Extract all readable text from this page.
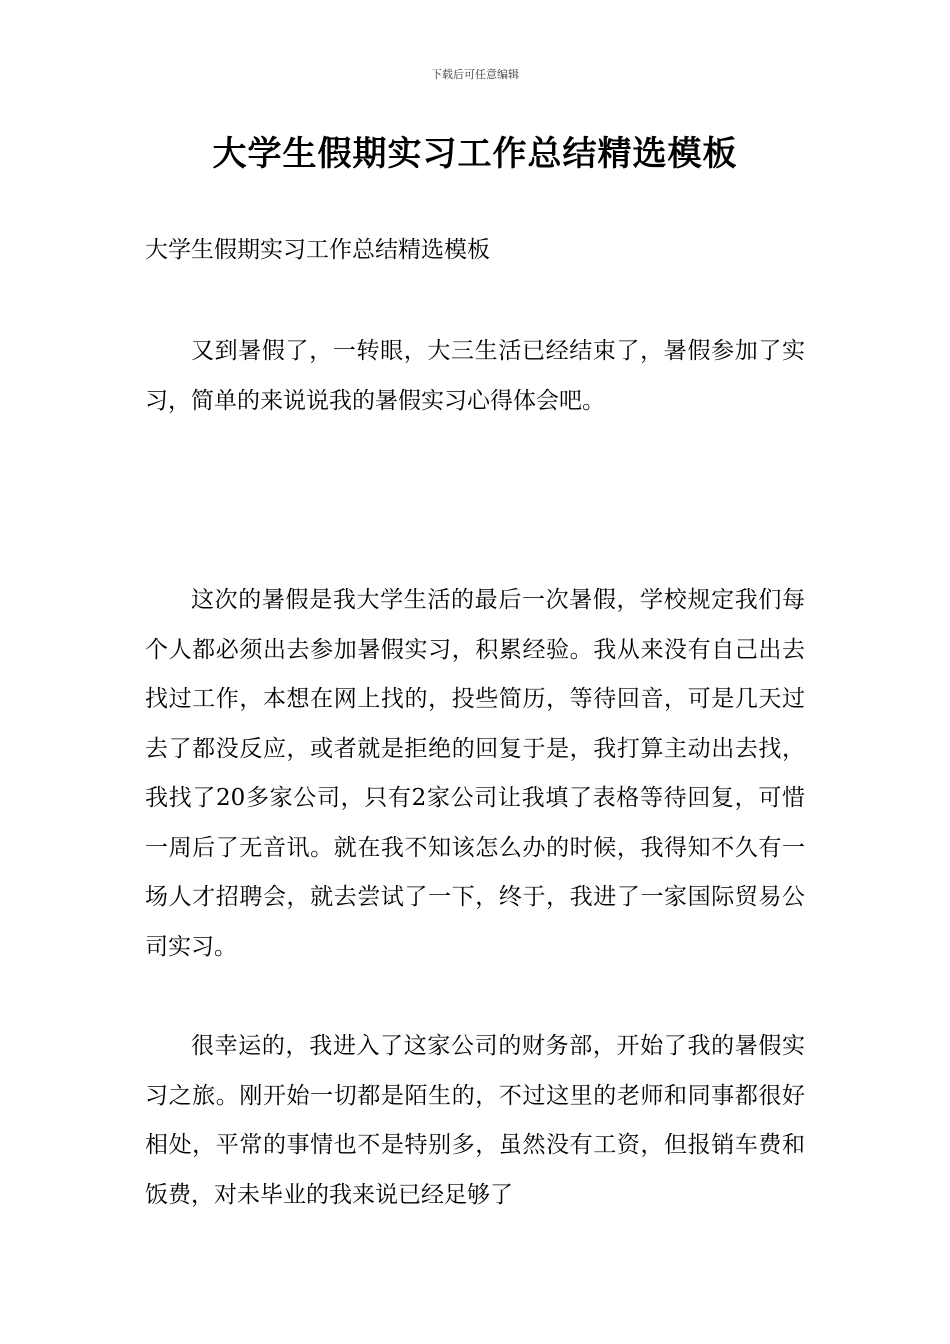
下载后可任意编辑
大学生假期实习工作总结精选模板
大学生假期实习工作总结精选模板
又到暑假了，一转眼，大三生活已经结束了，暑假参加了实习，简单的来说说我的暑假实习心得体会吧。
这次的暑假是我大学生活的最后一次暑假，学校规定我们每个人都必须出去参加暑假实习，积累经验。我从来没有自己出去找过工作，本想在网上找的，投些简历，等待回音，可是几天过去了都没反应，或者就是拒绝的回复于是，我打算主动出去找，我找了20多家公司，只有2家公司让我填了表格等待回复，可惜一周后了无音讯。就在我不知该怎么办的时候，我得知不久有一场人才招聘会，就去尝试了一下，终于，我进了一家国际贸易公司实习。
很幸运的，我进入了这家公司的财务部，开始了我的暑假实习之旅。刚开始一切都是陌生的，不过这里的老师和同事都很好相处，平常的事情也不是特别多，虽然没有工资，但报销车费和饭费，对未毕业的我来说已经足够了
